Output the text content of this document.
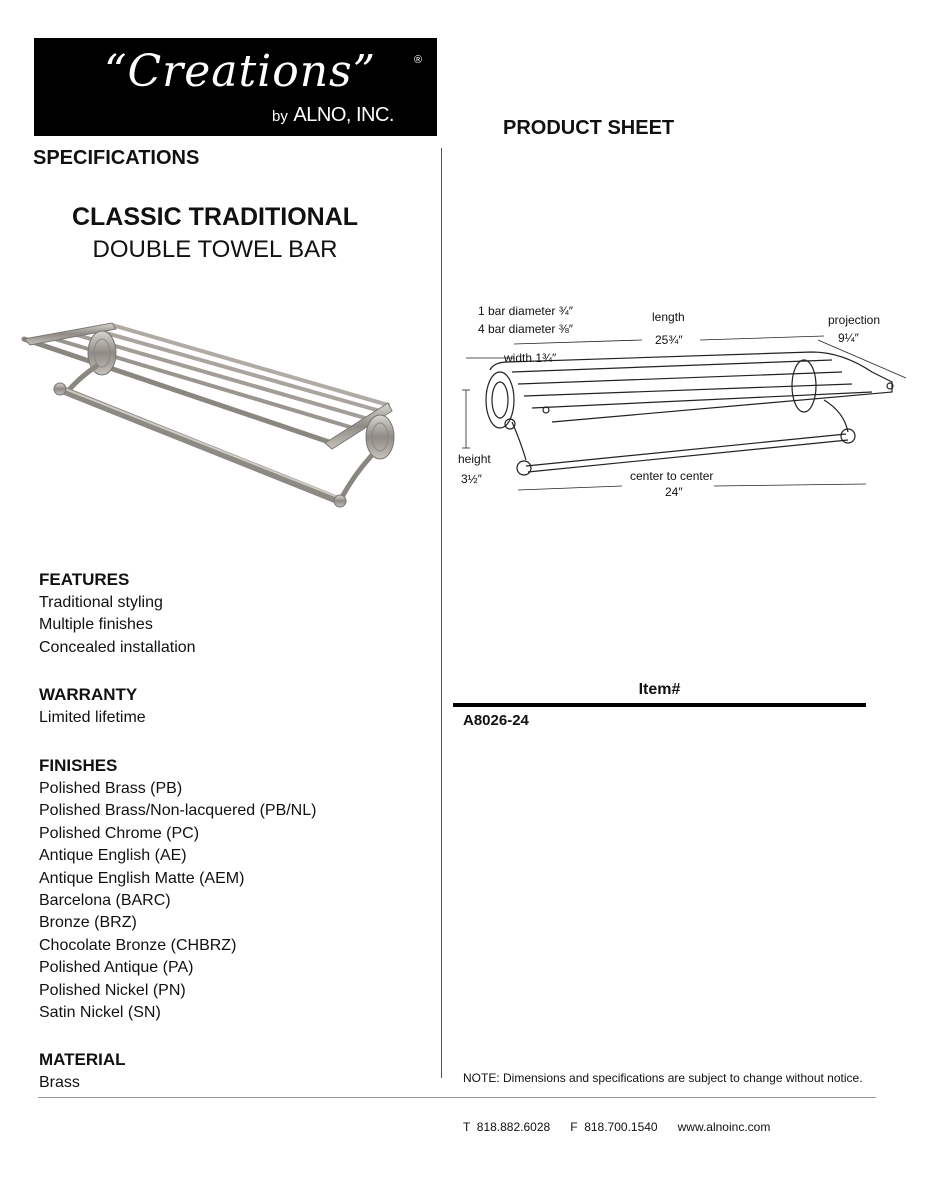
“Creations”	®
by ALNO, INC.
PRODUCT SHEET
SPECIFICATIONS
CLASSIC TRADITIONAL
DOUBLE TOWEL BAR
1 bar diameter ¾″
4 bar diameter ⅜″
width 1¾″
length
25¾″
projection
9¼″
height
3½″	center to center
24″
FEATURES
Traditional styling
Multiple finishes
Concealed installation
WARRANTY
Limited lifetime
FINISHES
Polished Brass (PB)
Polished Brass/Non-lacquered (PB/NL)
Polished Chrome (PC)
Antique English (AE)
Antique English Matte (AEM)
Barcelona (BARC)
Bronze (BRZ)
Chocolate Bronze (CHBRZ)
Polished Antique (PA)
Polished Nickel (PN)
Satin Nickel (SN)
MATERIAL
Brass
Item#
A8026-24
NOTE: Dimensions and specifications are subject to change without notice.
T  818.882.6028 F  818.700.1540 www.alnoinc.com
